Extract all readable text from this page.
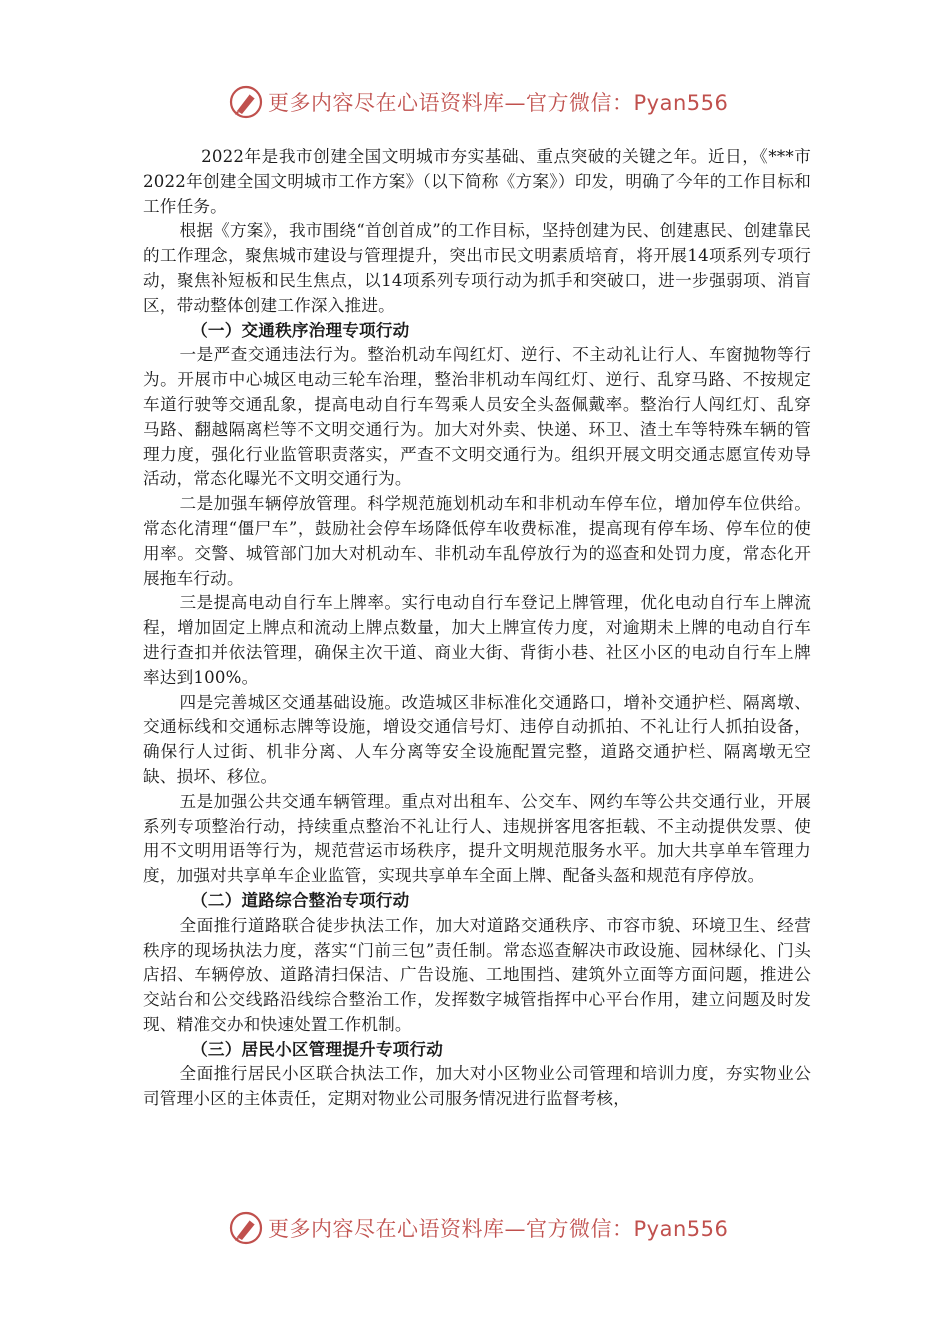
更多内容尽在心语资料库—官方微信：Pyan556

2022年是我市创建全国文明城市夯实基础、重点突破的关键之年。近日，《***市2022年创建全国文明城市工作方案》（以下简称《方案》）印发，明确了今年的工作目标和工作任务。

根据《方案》，我市围绕“首创首成”的工作目标，坚持创建为民、创建惠民、创建靠民的工作理念，聚焦城市建设与管理提升，突出市民文明素质培育，将开展14项系列专项行动，聚焦补短板和民生焦点，以14项系列专项行动为抓手和突破口，进一步强弱项、消盲区，带动整体创建工作深入推进。

（一）交通秩序治理专项行动

一是严查交通违法行为。整治机动车闯红灯、逆行、不主动礼让行人、车窗抛物等行为。开展市中心城区电动三轮车治理，整治非机动车闯红灯、逆行、乱穿马路、不按规定车道行驶等交通乱象，提高电动自行车驾乘人员安全头盔佩戴率。整治行人闯红灯、乱穿马路、翻越隔离栏等不文明交通行为。加大对外卖、快递、环卫、渣土车等特殊车辆的管理力度，强化行业监管职责落实，严查不文明交通行为。组织开展文明交通志愿宣传劝导活动，常态化曝光不文明交通行为。

二是加强车辆停放管理。科学规范施划机动车和非机动车停车位，增加停车位供给。常态化清理“僵尸车”，鼓励社会停车场降低停车收费标准，提高现有停车场、停车位的使用率。交警、城管部门加大对机动车、非机动车乱停放行为的巡查和处罚力度，常态化开展拖车行动。

三是提高电动自行车上牌率。实行电动自行车登记上牌管理，优化电动自行车上牌流程，增加固定上牌点和流动上牌点数量，加大上牌宣传力度，对逾期未上牌的电动自行车进行查扣并依法管理，确保主次干道、商业大街、背街小巷、社区小区的电动自行车上牌率达到100%。

四是完善城区交通基础设施。改造城区非标准化交通路口，增补交通护栏、隔离墩、交通标线和交通标志牌等设施，增设交通信号灯、违停自动抓拍、不礼让行人抓拍设备，确保行人过街、机非分离、人车分离等安全设施配置完整，道路交通护栏、隔离墩无空缺、损坏、移位。

五是加强公共交通车辆管理。重点对出租车、公交车、网约车等公共交通行业，开展系列专项整治行动，持续重点整治不礼让行人、违规拼客甩客拒载、不主动提供发票、使用不文明用语等行为，规范营运市场秩序，提升文明规范服务水平。加大共享单车管理力度，加强对共享单车企业监管，实现共享单车全面上牌、配备头盔和规范有序停放。

（二）道路综合整治专项行动

全面推行道路联合徒步执法工作，加大对道路交通秩序、市容市貌、环境卫生、经营秩序的现场执法力度，落实“门前三包”责任制。常态巡查解决市政设施、园林绿化、门头店招、车辆停放、道路清扫保洁、广告设施、工地围挡、建筑外立面等方面问题，推进公交站台和公交线路沿线综合整治工作，发挥数字城管指挥中心平台作用，建立问题及时发现、精准交办和快速处置工作机制。

（三）居民小区管理提升专项行动

全面推行居民小区联合执法工作，加大对小区物业公司管理和培训力度，夯实物业公司管理小区的主体责任，定期对物业公司服务情况进行监督考核，

更多内容尽在心语资料库—官方微信：Pyan556
